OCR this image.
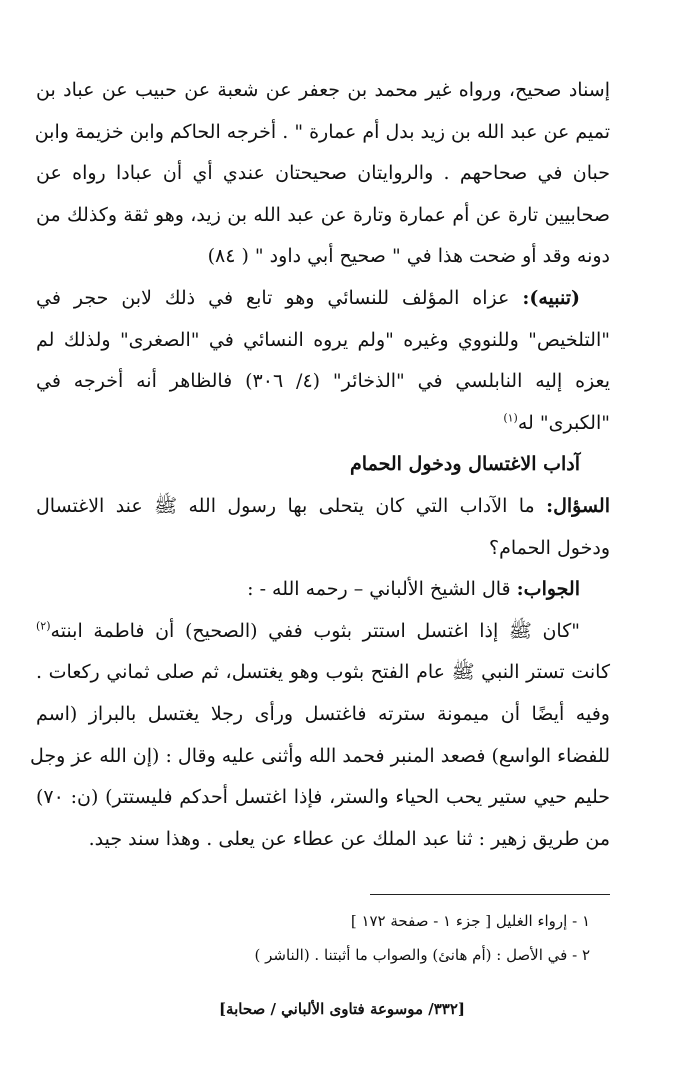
إسناد صحيح، ورواه غير محمد بن جعفر عن شعبة عن حبيب عن عباد بن
تميم عن عبد الله بن زيد بدل أم عمارة " . أخرجه الحاكم وابن خزيمة وابن
حبان في صحاحهم . والروايتان صحيحتان عندي أي أن عبادا رواه عن
صحابيين تارة عن أم عمارة وتارة عن عبد الله بن زيد، وهو ثقة وكذلك من
دونه وقد أو ضحت هذا في " صحيح أبي داود " ( ٨٤)
(تنبيه): عزاه المؤلف للنسائي وهو تابع في ذلك لابن حجر في
"التلخيص" وللنووي وغيره "ولم يروه النسائي في "الصغرى" ولذلك لم
يعزه إليه النابلسي في "الذخائر" (٤/ ٣٠٦) فالظاهر أنه أخرجه في
"الكبرى" له$^{(١)}$
آداب الاغتسال ودخول الحمام
السؤال: ما الآداب التي كان يتحلى بها رسول الله ﷺ عند الاغتسال
ودخول الحمام؟
الجواب: قال الشيخ الألباني – رحمه الله - :
"كان ﷺ إذا اغتسل استتر بثوب ففي (الصحيح) أن فاطمة ابنته$^{(٢)}$
كانت تستر النبي ﷺ عام الفتح بثوب وهو يغتسل، ثم صلى ثماني ركعات .
وفيه أيضًا أن ميمونة سترته فاغتسل ورأى رجلا يغتسل بالبراز (اسم
للفضاء الواسع) فصعد المنبر فحمد الله وأثنى عليه وقال : (إن الله عز وجل
حليم حيي ستير يحب الحياء والستر، فإذا اغتسل أحدكم فليستتر) (ن: ٧٠)
من طريق زهير : ثنا عبد الملك عن عطاء عن يعلى . وهذا سند جيد.
١ - إرواء الغليل [ جزء ١ - صفحة ١٧٢ ]
٢ - في الأصل : (أم هانئ) والصواب ما أثبتنا . (الناشر )
[٣٣٢/ موسوعة فتاوى الألباني / صحابة]
